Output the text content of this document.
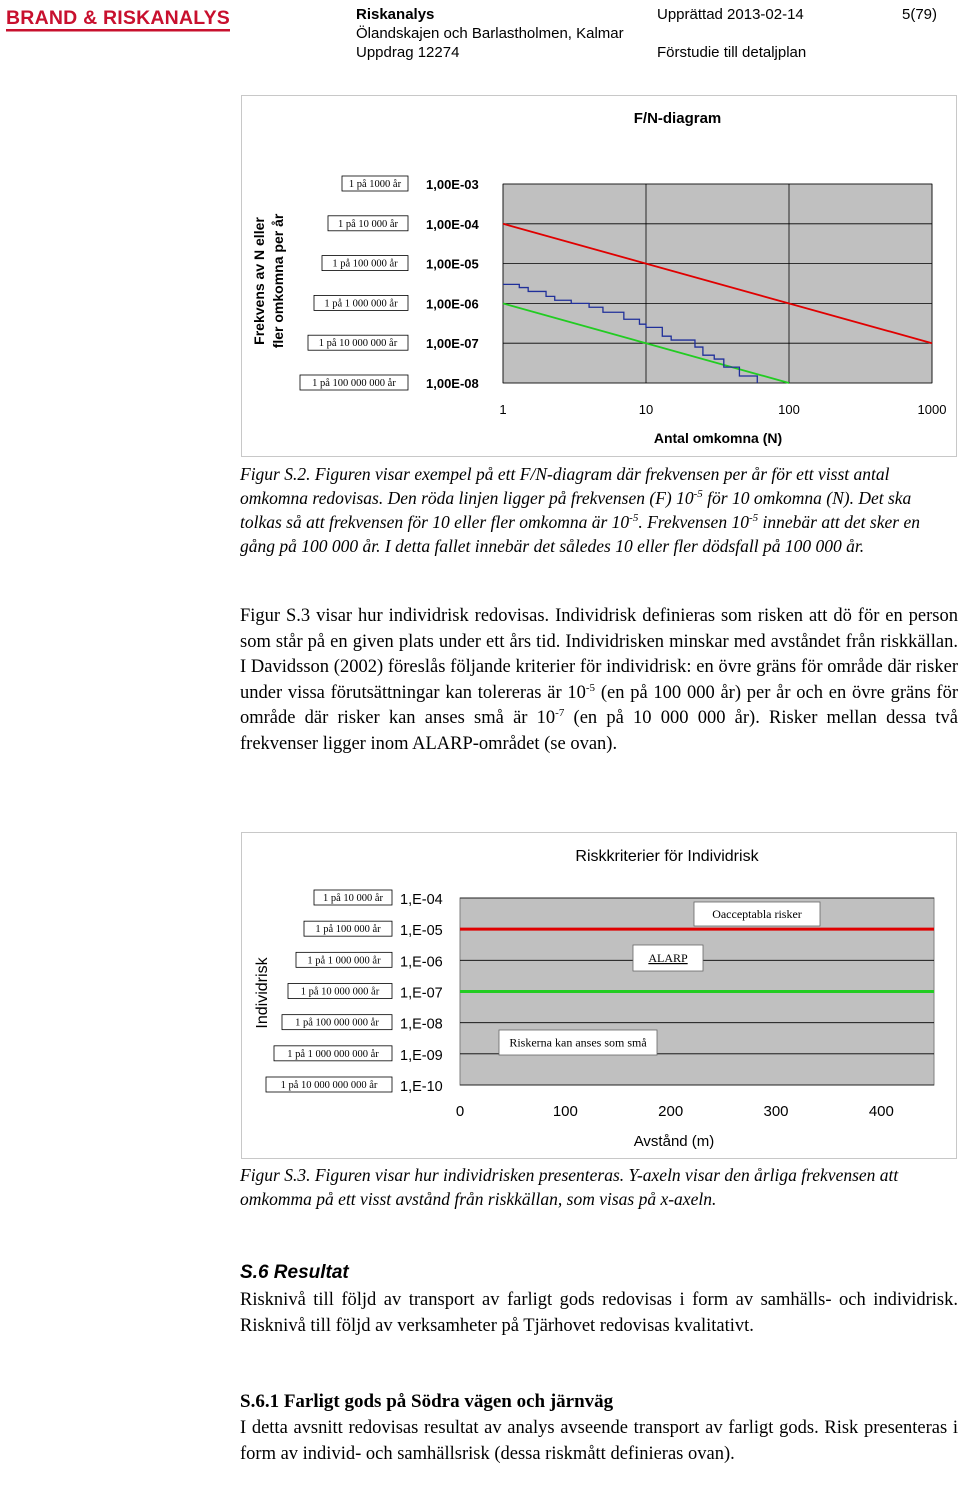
BRAND & RISKANALYS	Riskanalys
Ölandskajen och Barlastholmen, Kalmar
Uppdrag 12274
Upprättad 2013-02-14
Förstudie till detaljplan
5(79)
F/N-diagram
1,00E-03
1,00E-04
1,00E-05
1,00E-06
1,00E-07
1,00E-08
1 på 1000 år
1 på 10 000 år
1 på 100 000 år
1 på 1 000 000 år
1 på 10 000 000 år
1 på 100 000 000 år
1	10	100	1000
Antal omkomna (N)
Frekvens av N eller fler omkomna per år
Figur S.2. Figuren visar exempel på ett F/N-diagram där frekvensen per år för ett visst antal omkomna redovisas. Den röda linjen ligger på frekvensen (F) $10^{-5}$ för 10 omkomna (N). Det ska tolkas så att frekvensen för 10 eller fler omkomna är $10^{-5}$. Frekvensen $10^{-5}$ innebär att det sker en gång på 100 000 år. I detta fallet innebär det således 10 eller fler dödsfall på 100 000 år.
Figur S.3 visar hur individrisk redovisas. Individrisk definieras som risken att dö för en person som står på en given plats under ett års tid. Individrisken minskar med avståndet från riskkällan. I Davidsson (2002) föreslås följande kriterier för individrisk: en övre gräns för område där risker under vissa förutsättningar kan tolereras är $10^{-5}$ (en på 100 000 år) per år och en övre gräns för område där risker kan anses små är $10^{-7}$ (en på 10 000 000 år). Risker mellan dessa två frekvenser ligger inom ALARP-området (se ovan).
Riskkriterier för Individrisk
1,E-04
1,E-05
1,E-06
1,E-07
1,E-08
1,E-09
1,E-10
1 på 10 000 år
1 på 100 000 år
1 på 1 000 000 år
1 på 10 000 000 år
1 på 100 000 000 år
1 på 1 000 000 000 år
1 på 10 000 000 000 år
0	100	200	300	400
Avstånd (m)
Individrisk
Oacceptabla risker
ALARP
Riskerna kan anses som små
Figur S.3. Figuren visar hur individrisken presenteras. Y-axeln visar den årliga frekvensen att omkomma på ett visst avstånd från riskkällan, som visas på x-axeln.
S.6 Resultat
Risknivå till följd av transport av farligt gods redovisas i form av samhälls- och individrisk. Risknivå till följd av verksamheter på Tjärhovet redovisas kvalitativt.
S.6.1 Farligt gods på Södra vägen och järnväg
I detta avsnitt redovisas resultat av analys avseende transport av farligt gods. Risk presenteras i form av individ- och samhällsrisk (dessa riskmått definieras ovan).
